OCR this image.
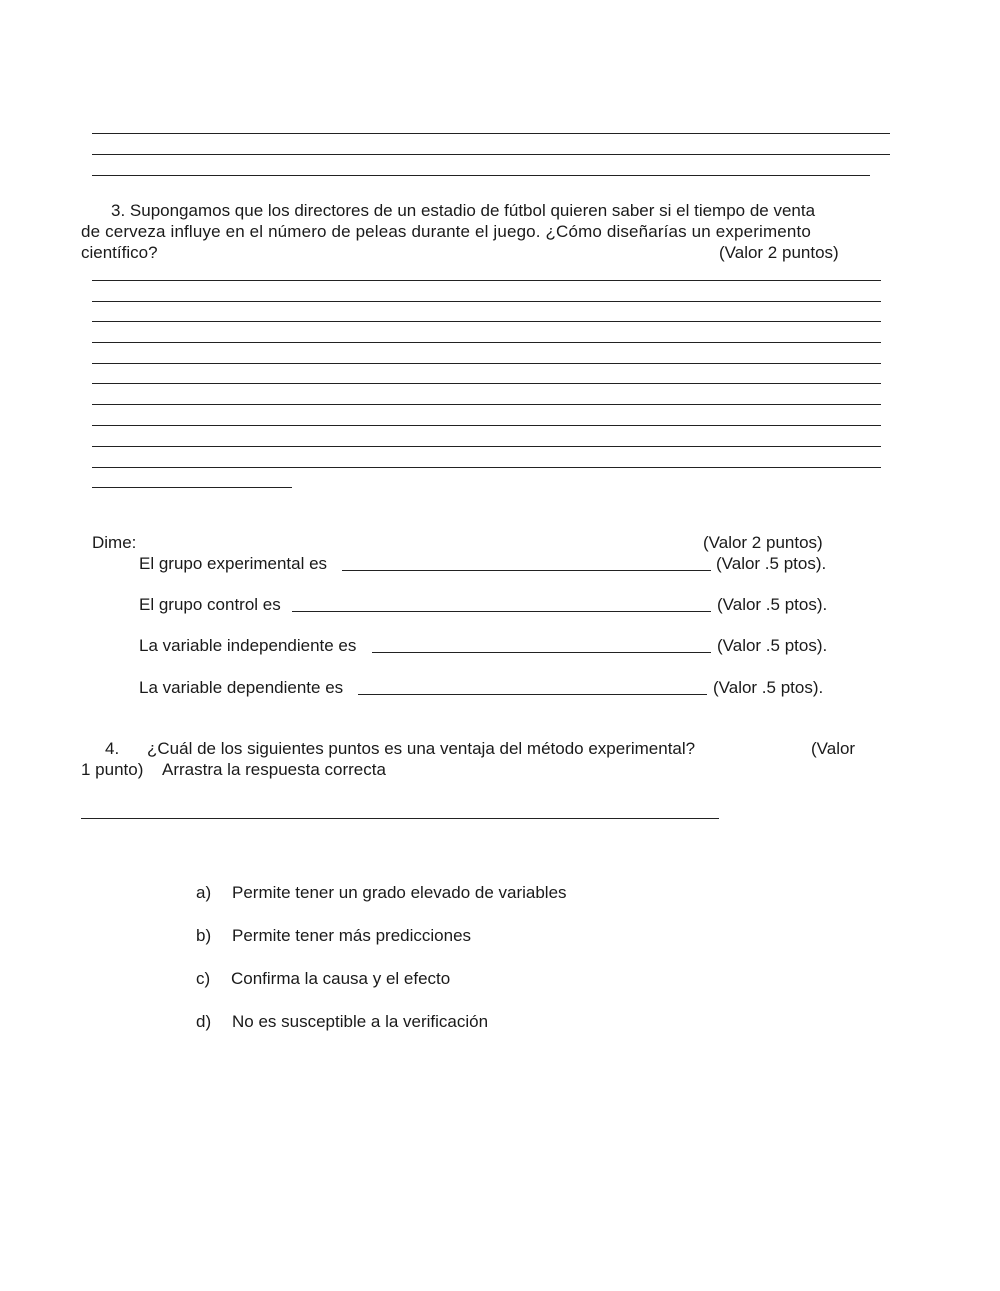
3. Supongamos que los directores de un estadio de fútbol quieren saber si el tiempo de venta
de cerveza influye en el número de peleas durante el juego. ¿Cómo diseñarías un experimento
científico?	(Valor 2 puntos)
Dime:	(Valor 2 puntos)
El grupo experimental es	(Valor .5 ptos).
El grupo control es	(Valor .5 ptos).
La variable independiente es	(Valor .5 ptos).
La variable dependiente es	(Valor .5 ptos).
4. ¿Cuál de los siguientes puntos es una ventaja del método experimental?	(Valor
1 punto) Arrastra la respuesta correcta
a) Permite tener un grado elevado de variables
b) Permite tener más predicciones
c) Confirma la causa y el efecto
d) No es susceptible a la verificación
